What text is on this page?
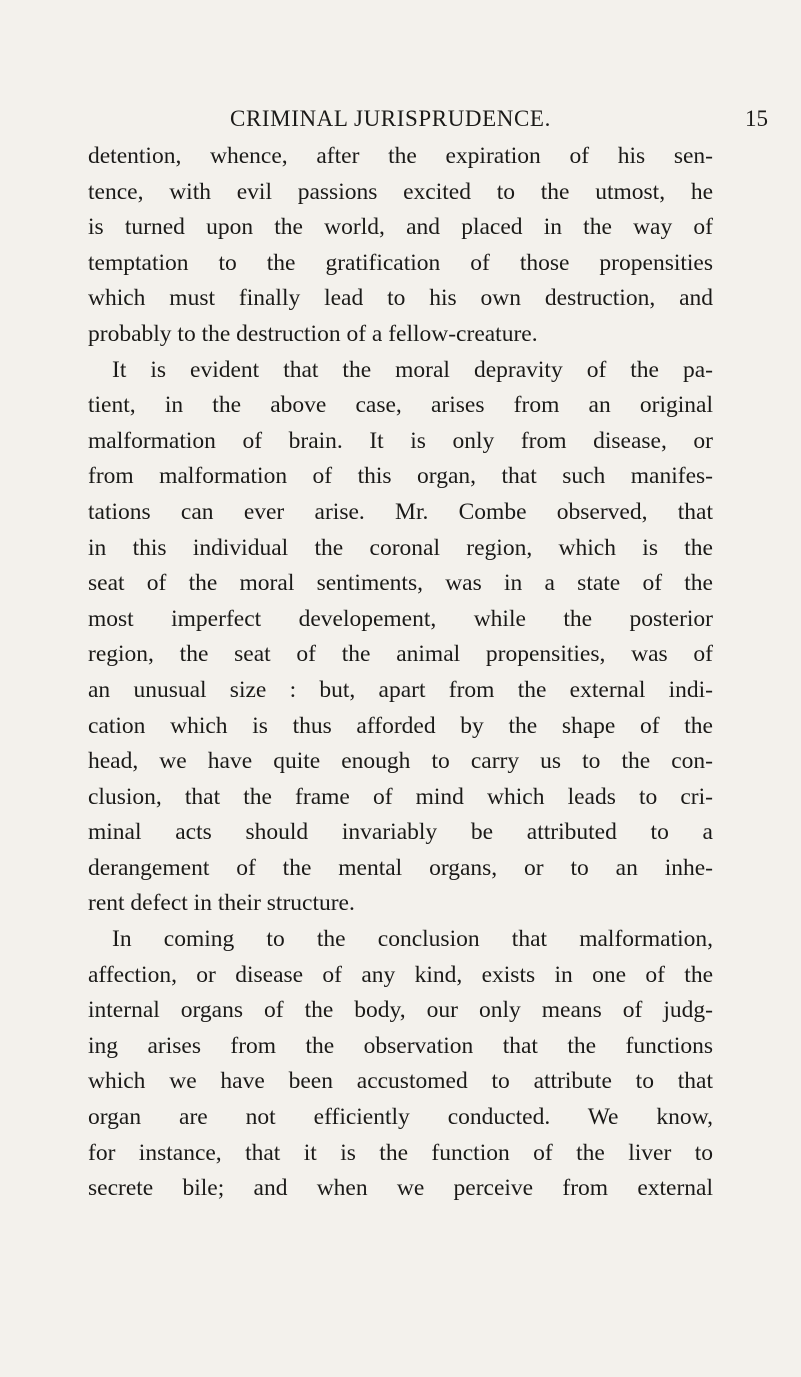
CRIMINAL JURISPRUDENCE.	15
detention, whence, after the expiration of his sen-
tence, with evil passions excited to the utmost, he
is turned upon the world, and placed in the way of
temptation to the gratification of those propensities
which must finally lead to his own destruction, and
probably to the destruction of a fellow-creature.
It is evident that the moral depravity of the pa-
tient, in the above case, arises from an original
malformation of brain. It is only from disease, or
from malformation of this organ, that such manifes-
tations can ever arise. Mr. Combe observed, that
in this individual the coronal region, which is the
seat of the moral sentiments, was in a state of the
most imperfect developement, while the posterior
region, the seat of the animal propensities, was of
an unusual size : but, apart from the external indi-
cation which is thus afforded by the shape of the
head, we have quite enough to carry us to the con-
clusion, that the frame of mind which leads to cri-
minal acts should invariably be attributed to a
derangement of the mental organs, or to an inhe-
rent defect in their structure.
In coming to the conclusion that malformation,
affection, or disease of any kind, exists in one of the
internal organs of the body, our only means of judg-
ing arises from the observation that the functions
which we have been accustomed to attribute to that
organ are not efficiently conducted. We know,
for instance, that it is the function of the liver to
secrete bile; and when we perceive from external
